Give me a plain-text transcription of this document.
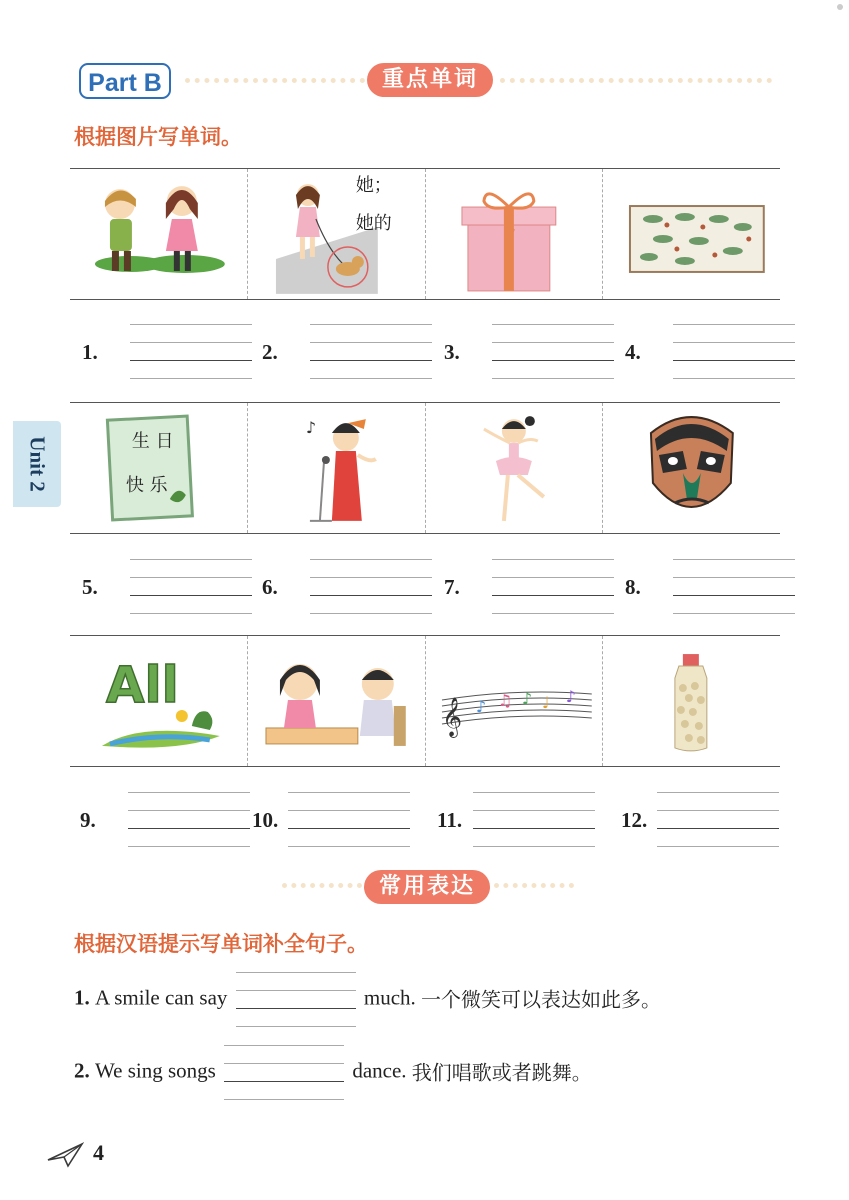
Part B	重点单词
根据图片写单词。
Unit 2
她；
她的
1.	2.	3.	4.
生 日
快 乐
♪
5.	6.	7.	8.
All
𝄞 ♪ ♫ ♪ ♩ ♪
9.	10.	11.	12.
常用表达
根据汉语提示写单词补全句子。
1. A smile can say	much. 一个微笑可以表达如此多。
2. We sing songs	dance. 我们唱歌或者跳舞。
4
